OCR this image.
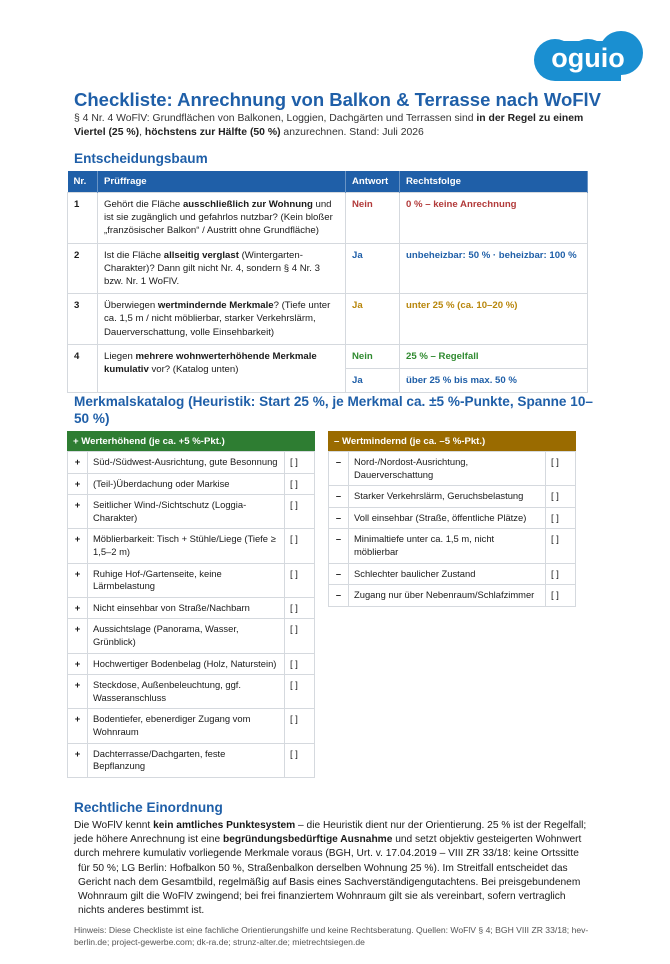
oguio
Checkliste: Anrechnung von Balkon & Terrasse nach WoFlV

§ 4 Nr. 4 WoFlV: Grundflächen von Balkonen, Loggien, Dachgärten und Terrassen sind in der Regel zu einem Viertel (25 %), höchstens zur Hälfte (50 %) anzurechnen. Stand: Juli 2026

Entscheidungsbaum
Nr.	Prüffrage	Antwort	Rechtsfolge
1	Gehört die Fläche ausschließlich zur Wohnung und ist sie zugänglich und gefahrlos nutzbar? (Kein bloßer „französischer Balkon“ / Austritt ohne Grundfläche)	Nein	0 % – keine Anrechnung
2	Ist die Fläche allseitig verglast (Wintergarten-Charakter)? Dann gilt nicht Nr. 4, sondern § 4 Nr. 3 bzw. Nr. 1 WoFlV.	Ja	unbeheizbar: 50 % · beheizbar: 100 %
3	Überwiegen wertmindernde Merkmale? (Tiefe unter ca. 1,5 m / nicht möblierbar, starker Verkehrslärm, Dauerverschattung, volle Einsehbarkeit)	Ja	unter 25 % (ca. 10–20 %)
4	Liegen mehrere wohnwerterhöhende Merkmale kumulativ vor? (Katalog unten)	Nein	25 % – Regelfall
		Ja	über 25 % bis max. 50 %
Merkmalskatalog (Heuristik: Start 25 %, je Merkmal ca. ±5 %-Punkte, Spanne 10–50 %)
+ Werterhöhend (je ca. +5 %-Pkt.)
+	Süd-/Südwest-Ausrichtung, gute Besonnung	[ ]
+	(Teil-)Überdachung oder Markise	[ ]
+	Seitlicher Wind-/Sichtschutz (Loggia-Charakter)	[ ]
+	Möblierbarkeit: Tisch + Stühle/Liege (Tiefe ≥ 1,5–2 m)	[ ]
+	Ruhige Hof-/Gartenseite, keine Lärmbelastung	[ ]
+	Nicht einsehbar von Straße/Nachbarn	[ ]
+	Aussichtslage (Panorama, Wasser, Grünblick)	[ ]
+	Hochwertiger Bodenbelag (Holz, Naturstein)	[ ]
+	Steckdose, Außenbeleuchtung, ggf. Wasseranschluss	[ ]
+	Bodentiefer, ebenerdiger Zugang vom Wohnraum	[ ]
+	Dachterrasse/Dachgarten, feste Bepflanzung	[ ]
– Wertmindernd (je ca. –5 %-Pkt.)
–	Nord-/Nordost-Ausrichtung, Dauerverschattung	[ ]
–	Starker Verkehrslärm, Geruchsbelastung	[ ]
–	Voll einsehbar (Straße, öffentliche Plätze)	[ ]
–	Minimaltiefe unter ca. 1,5 m, nicht möblierbar	[ ]
–	Schlechter baulicher Zustand	[ ]
–	Zugang nur über Nebenraum/Schlafzimmer	[ ]
Rechtliche Einordnung

Die WoFlV kennt kein amtliches Punktesystem – die Heuristik dient nur der Orientierung. 25 % ist der Regelfall; jede höhere Anrechnung ist eine begründungsbedürftige Ausnahme und setzt objektiv gesteigerten Wohnwert durch mehrere kumulativ vorliegende Merkmale voraus (BGH, Urt. v. 17.04.2019 – VIII ZR 33/18: keine Ortssitte

für 50 %; LG Berlin: Hofbalkon 50 %, Straßenbalkon derselben Wohnung 25 %). Im Streitfall entscheidet das Gericht nach dem Gesamtbild, regelmäßig auf Basis eines Sachverständigengutachtens. Bei preisgebundenem Wohnraum gilt die WoFlV zwingend; bei frei finanziertem Wohnraum gilt sie als vereinbart, sofern vertraglich nichts anderes bestimmt ist.

Hinweis: Diese Checkliste ist eine fachliche Orientierungshilfe und keine Rechtsberatung. Quellen: WoFlV § 4; BGH VIII ZR 33/18; hev-berlin.de; project-gewerbe.com; dk-ra.de; strunz-alter.de; mietrechtsiegen.de
